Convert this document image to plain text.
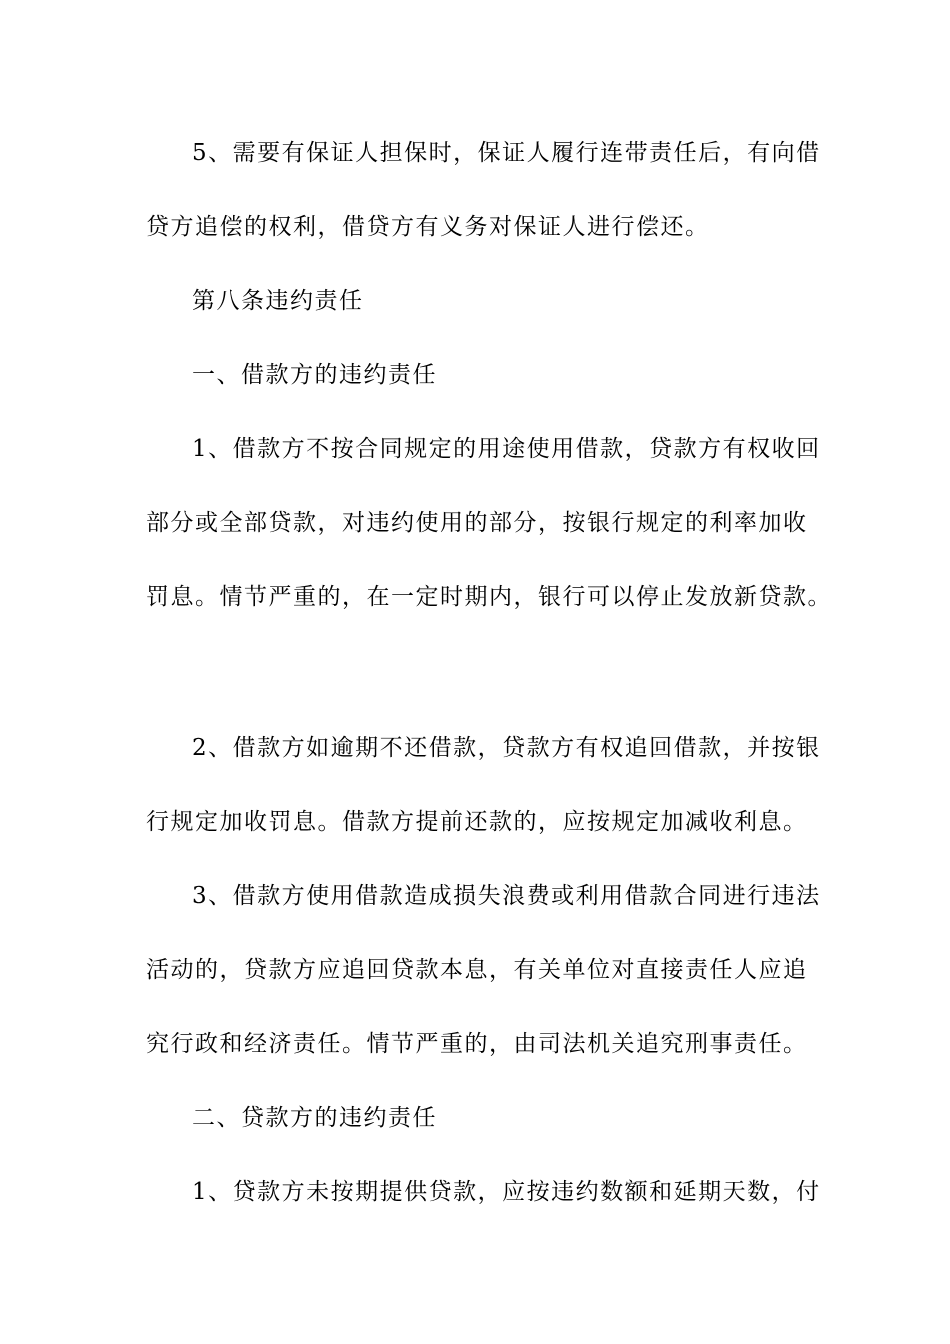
5、需要有保证人担保时，保证人履行连带责任后，有向借
贷方追偿的权利，借贷方有义务对保证人进行偿还。
第八条违约责任
一、借款方的违约责任
1、借款方不按合同规定的用途使用借款，贷款方有权收回
部分或全部贷款，对违约使用的部分，按银行规定的利率加收
罚息。情节严重的，在一定时期内，银行可以停止发放新贷款。
2、借款方如逾期不还借款，贷款方有权追回借款，并按银
行规定加收罚息。借款方提前还款的，应按规定加减收利息。
3、借款方使用借款造成损失浪费或利用借款合同进行违法
活动的，贷款方应追回贷款本息，有关单位对直接责任人应追
究行政和经济责任。情节严重的，由司法机关追究刑事责任。
二、贷款方的违约责任
1、贷款方未按期提供贷款，应按违约数额和延期天数，付
